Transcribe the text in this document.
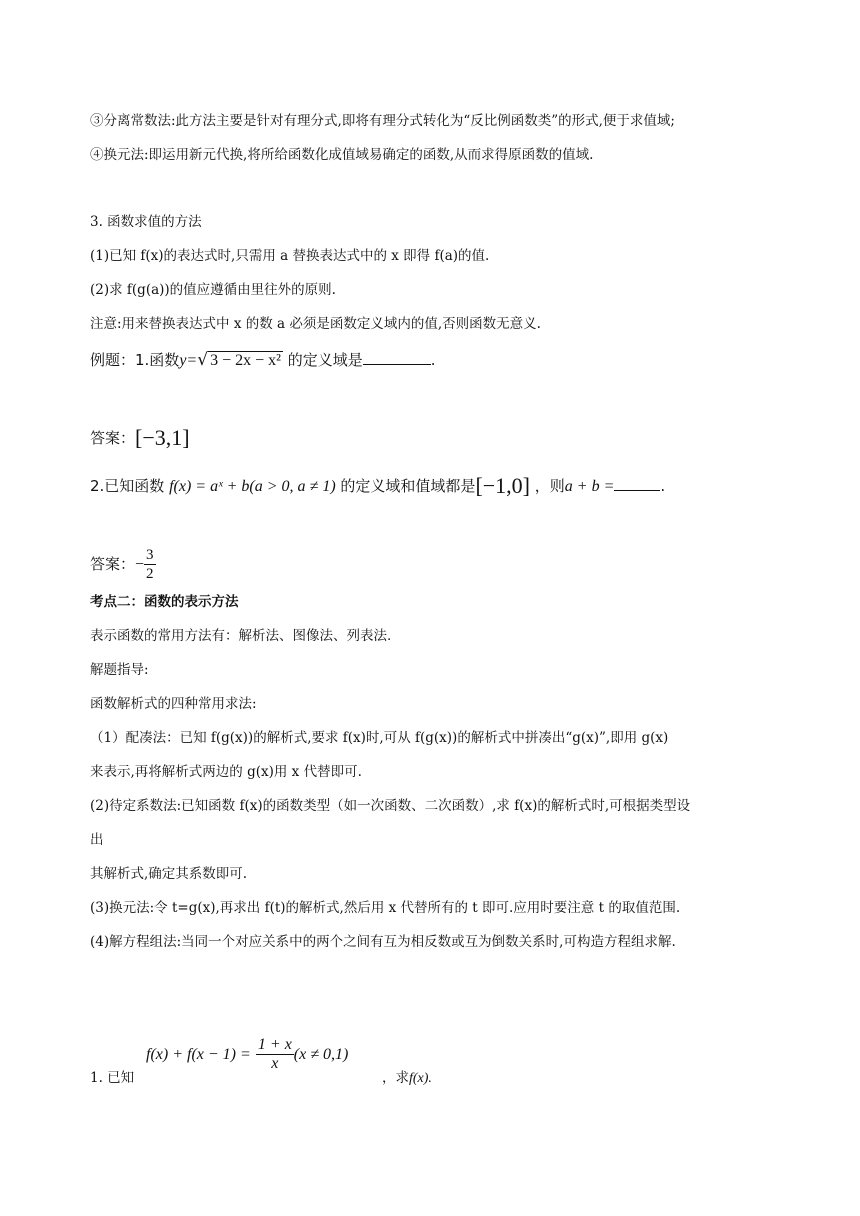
③分离常数法:此方法主要是针对有理分式,即将有理分式转化为“反比例函数类”的形式,便于求值域;
④换元法:即运用新元代换,将所给函数化成值域易确定的函数,从而求得原函数的值域.
3. 函数求值的方法
(1)已知 f(x)的表达式时,只需用 a 替换表达式中的 x 即得 f(a)的值.
(2)求 f(g(a))的值应遵循由里往外的原则.
注意:用来替换表达式中 x 的数 a 必须是函数定义域内的值,否则函数无意义.
例题：1.函数y=√ 3 − 2x − x² 的定义域是	.
答案：[−3,1]
2.已知函数 f(x) = aˣ + b(a > 0, a ≠ 1) 的定义域和值域都是[−1,0] ，则a + b =	.
答案：− $\frac{3}{2}$
考点二：函数的表示方法
表示函数的常用方法有：解析法、图像法、列表法.
解题指导:
函数解析式的四种常用求法:
（1）配凑法：已知 f(g(x))的解析式,要求 f(x)时,可从 f(g(x))的解析式中拼凑出“g(x)”,即用 g(x)
来表示,再将解析式两边的 g(x)用 x 代替即可.
(2)待定系数法:已知函数 f(x)的函数类型（如一次函数、二次函数）,求 f(x)的解析式时,可根据类型设
出
其解析式,确定其系数即可.
(3)换元法:令 t=g(x),再求出 f(t)的解析式,然后用 x 代替所有的 t 即可.应用时要注意 t 的取值范围.
(4)解方程组法:当同一个对应关系中的两个之间有互为相反数或互为倒数关系时,可构造方程组求解.
1. 已知
$f(x) + f(x - 1) = \frac{1 + x}{x} (x \ne 0,1)$
，求f(x).
